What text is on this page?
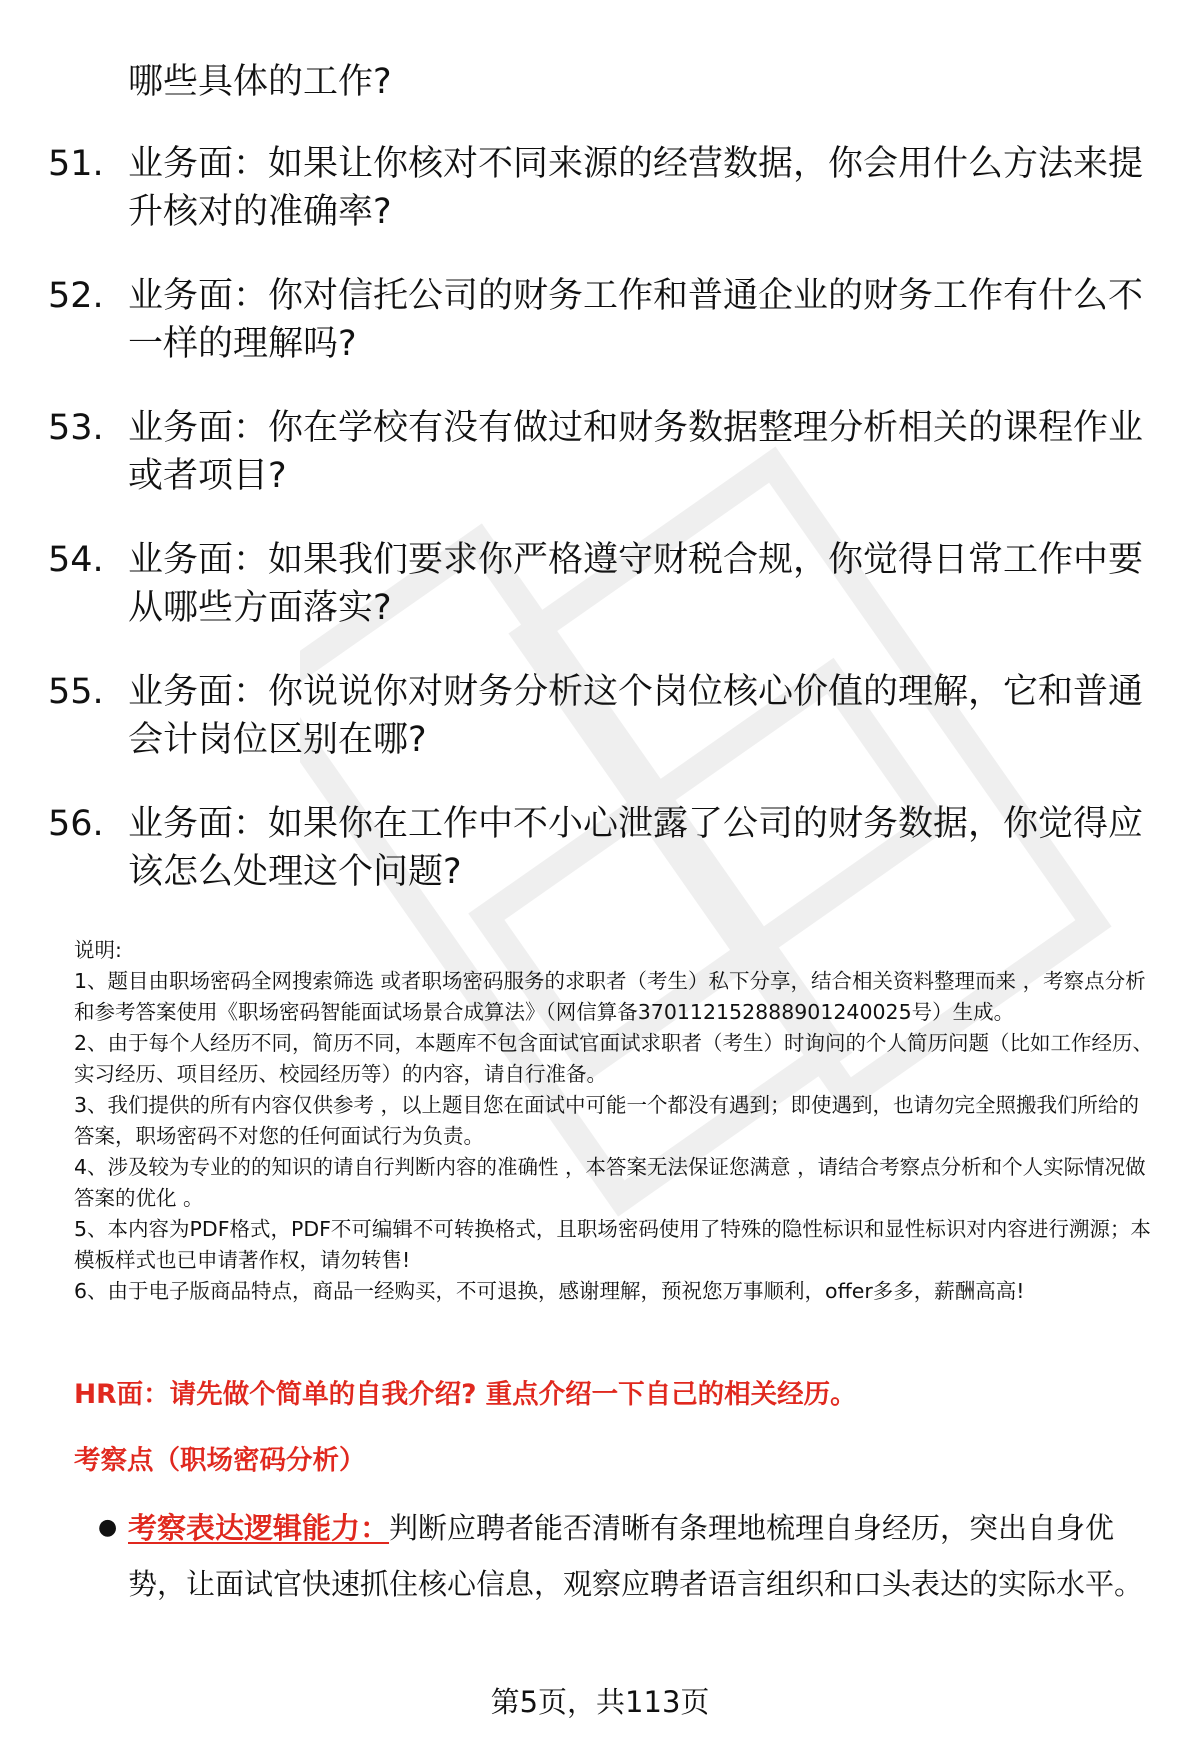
哪些具体的工作?
51. 业务面：如果让你核对不同来源的经营数据，你会用什么方法来提升核对的准确率?
52. 业务面：你对信托公司的财务工作和普通企业的财务工作有什么不一样的理解吗?
53. 业务面：你在学校有没有做过和财务数据整理分析相关的课程作业或者项目?
54. 业务面：如果我们要求你严格遵守财税合规，你觉得日常工作中要从哪些方面落实?
55. 业务面：你说说你对财务分析这个岗位核心价值的理解，它和普通会计岗位区别在哪?
56. 业务面：如果你在工作中不小心泄露了公司的财务数据，你觉得应该怎么处理这个问题?
说明:
1、题目由职场密码全网搜索筛选 或者职场密码服务的求职者（考生）私下分享，结合相关资料整理而来 ，考察点分析和参考答案使用《职场密码智能面试场景合成算法》（网信算备370112152888901240025号）生成。
2、由于每个人经历不同，简历不同，本题库不包含面试官面试求职者（考生）时询问的个人简历问题（比如工作经历、实习经历、项目经历、校园经历等）的内容，请自行准备。
3、我们提供的所有内容仅供参考 ，以上题目您在面试中可能一个都没有遇到；即使遇到，也请勿完全照搬我们所给的答案，职场密码不对您的任何面试行为负责。
4、涉及较为专业的的知识的请自行判断内容的准确性 ，本答案无法保证您满意 ，请结合考察点分析和个人实际情况做答案的优化 。
5、本内容为PDF格式，PDF不可编辑不可转换格式，且职场密码使用了特殊的隐性标识和显性标识对内容进行溯源；本模板样式也已申请著作权，请勿转售!
6、由于电子版商品特点，商品一经购买，不可退换，感谢理解，预祝您万事顺利，offer多多，薪酬高高!
HR面：请先做个简单的自我介绍? 重点介绍一下自己的相关经历。
考察点（职场密码分析）
● 考察表达逻辑能力：判断应聘者能否清晰有条理地梳理自身经历，突出自身优势，让面试官快速抓住核心信息，观察应聘者语言组织和口头表达的实际水平。
第5页，共113页
